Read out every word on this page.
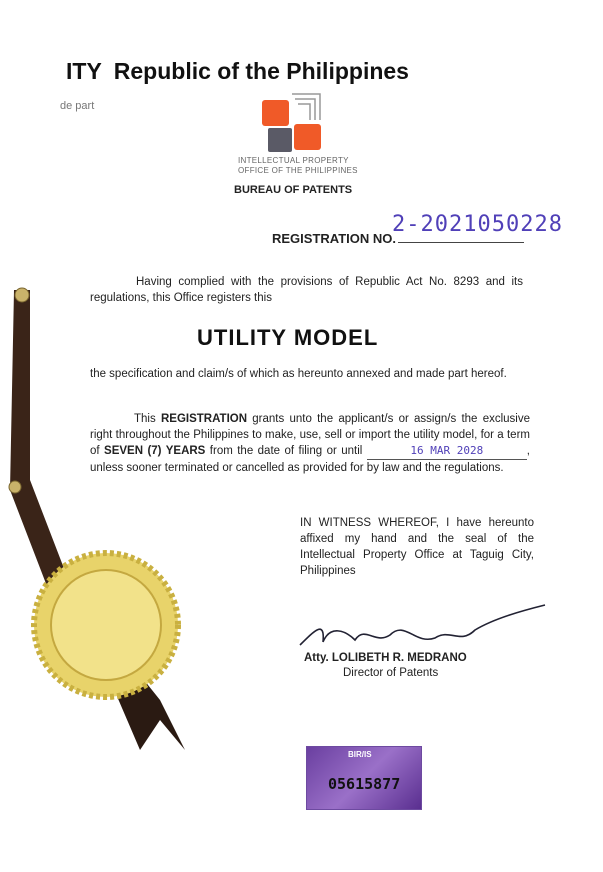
ITY Republic of the Philippines
de part
INTELLECTUAL PROPERTY
OFFICE OF THE PHILIPPINES
BUREAU OF PATENTS
REGISTRATION NO.
2-2021050228
Having complied with the provisions of Republic Act No. 8293 and its regulations, this Office registers this
UTILITY MODEL
the specification and claim/s of which as hereunto annexed and made part hereof.
This REGISTRATION grants unto the applicant/s or assign/s the exclusive right throughout the Philippines to make, use, sell or import the utility model, for a term of SEVEN (7) YEARS from the date of filing or until	16 MAR 2028	, unless sooner terminated or cancelled as provided for by law and the regulations.
IN WITNESS WHEREOF, I have hereunto affixed my hand and the seal of the Intellectual Property Office at Taguig City, Philippines
Atty. LOLIBETH R. MEDRANO
Director of Patents
BIR/IS
05615877
